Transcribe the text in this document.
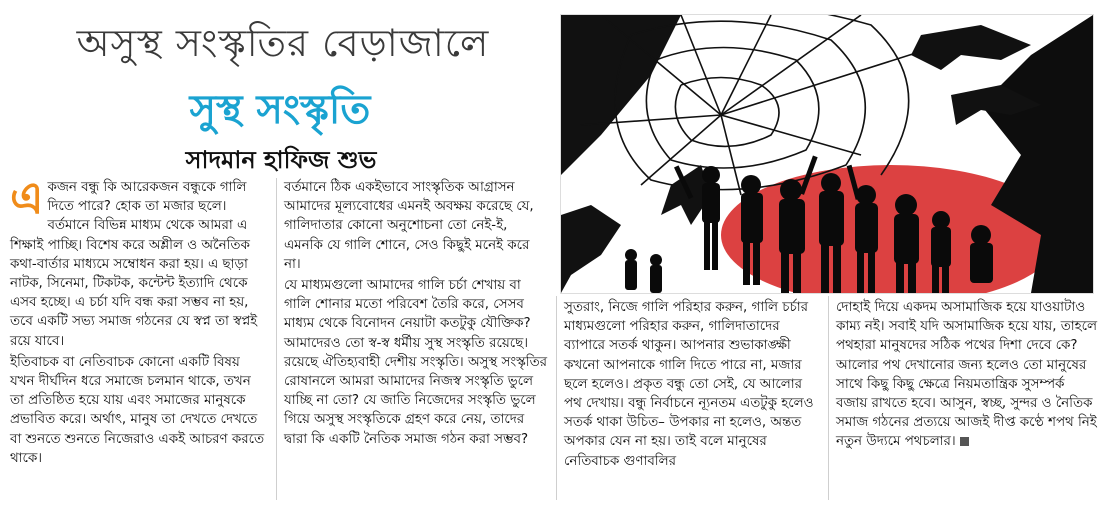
অসুস্থ সংস্কৃতির বেড়াজালে
সুস্থ সংস্কৃতি
সাদমান হাফিজ শুভ
এ কজন বন্ধু কি আরেকজন বন্ধুকে গালি দিতে পারে? হোক তা মজার ছলে। বর্তমানে বিভিন্ন মাধ্যম থেকে আমরা এ শিক্ষাই পাচ্ছি। বিশেষ করে অশ্লীল ও অনৈতিক কথা-বার্তার মাধ্যমে সম্বোধন করা হয়। এ ছাড়া নাটক, সিনেমা, টিকটক, কন্টেন্ট ইত্যাদি থেকে এসব হচ্ছে। এ চর্চা যদি বন্ধ করা সম্ভব না হয়, তবে একটি সভ্য সমাজ গঠনের যে স্বপ্ন তা স্বপ্নই রয়ে যাবে।

ইতিবাচক বা নেতিবাচক কোনো একটি বিষয় যখন দীর্ঘদিন ধরে সমাজে চলমান থাকে, তখন তা প্রতিষ্ঠিত হয়ে যায় এবং সমাজের মানুষকে প্রভাবিত করে। অর্থাৎ, মানুষ তা দেখতে দেখতে বা শুনতে শুনতে নিজেরাও একই আচরণ করতে থাকে।

বর্তমানে ঠিক একইভাবে সাংস্কৃতিক আগ্রাসন আমাদের মূল্যবোধের এমনই অবক্ষয় করেছে যে, গালিদাতার কোনো অনুশোচনা তো নেই-ই, এমনকি যে গালি শোনে, সেও কিছুই মনেই করে না।

যে মাধ্যমগুলো আমাদের গালি চর্চা শেখায় বা গালি শোনার মতো পরিবেশ তৈরি করে, সেসব মাধ্যম থেকে বিনোদন নেয়াটা কতটুকু যৌক্তিক? আমাদেরও তো স্ব-স্ব ধর্মীয় সুস্থ সংস্কৃতি রয়েছে। রয়েছে ঐতিহ্যবাহী দেশীয় সংস্কৃতি। অসুস্থ সংস্কৃতির রোষানলে আমরা আমাদের নিজস্ব সংস্কৃতি ভুলে যাচ্ছি না তো? যে জাতি নিজেদের সংস্কৃতি ভুলে গিয়ে অসুস্থ সংস্কৃতিকে গ্রহণ করে নেয়, তাদের দ্বারা কি একটি নৈতিক সমাজ গঠন করা সম্ভব?

সুতরাং, নিজে গালি পরিহার করুন, গালি চর্চার মাধ্যমগুলো পরিহার করুন, গালিদাতাদের ব্যাপারে সতর্ক থাকুন। আপনার শুভাকাঙ্ক্ষী কখনো আপনাকে গালি দিতে পারে না, মজার ছলে হলেও। প্রকৃত বন্ধু তো সেই, যে আলোর পথ দেখায়। বন্ধু নির্বাচনে ন্যূনতম এতটুকু হলেও সতর্ক থাকা উচিত– উপকার না হলেও, অন্তত অপকার যেন না হয়। তাই বলে মানুষের নেতিবাচক গুণাবলির

দোহাই দিয়ে একদম অসামাজিক হয়ে যাওয়াটাও কাম্য নই। সবাই যদি অসামাজিক হয়ে যায়, তাহলে পথহারা মানুষদের সঠিক পথের দিশা দেবে কে? আলোর পথ দেখানোর জন্য হলেও তো মানুষের সাথে কিছু কিছু ক্ষেত্রে নিয়মতান্ত্রিক সুসম্পর্ক বজায় রাখতে হবে। আসুন, স্বচ্ছ, সুন্দর ও নৈতিক সমাজ গঠনের প্রত্যয়ে আজই দীপ্ত কণ্ঠে শপথ নিই নতুন উদ্যমে পথচলার।
